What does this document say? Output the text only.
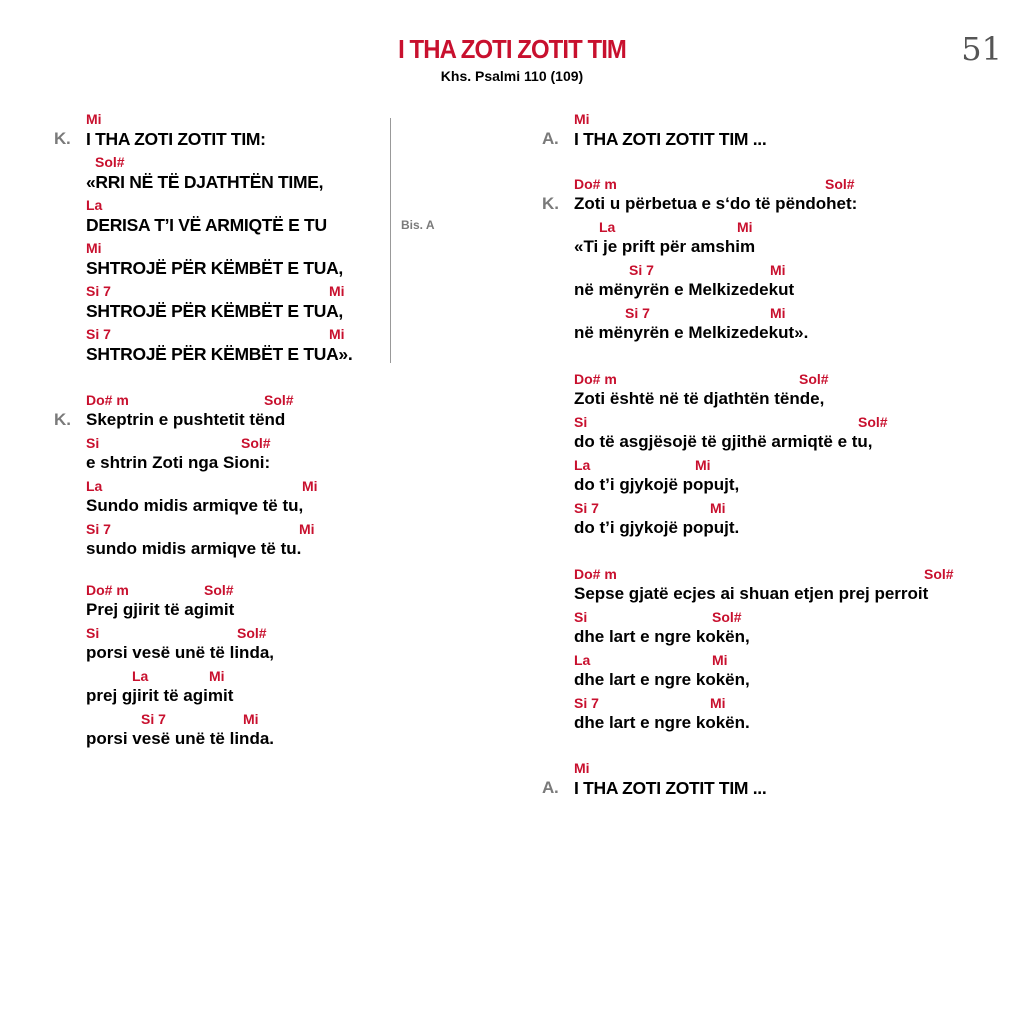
I THA ZOTI ZOTIT TIM
Khs. Psalmi 110 (109)
51
Bis. A
Mi
K. I THA ZOTI ZOTIT TIM:
Sol#
«RRI NË TË DJATHTËN TIME,
La
DERISA T’I VË ARMIQTË E TU
Mi
SHTROJË PËR KËMBËT E TUA,
Si 7	Mi
SHTROJË PËR KËMBËT E TUA,
Si 7	Mi
SHTROJË PËR KËMBËT E TUA».
Do# m	Sol#
K. Skeptrin e pushtetit tënd
Si	Sol#
e shtrin Zoti nga Sioni:
La	Mi
Sundo midis armiqve të tu,
Si 7	Mi
sundo midis armiqve të tu.
Do# m	Sol#
Prej gjirit të agimit
Si	Sol#
porsi vesë unë të linda,
La	Mi
prej gjirit të agimit
Si 7	Mi
porsi vesë unë të linda.
Mi
A. I THA ZOTI ZOTIT TIM ...
Do# m	Sol#
K. Zoti u përbetua e s‘do të pëndohet:
La	Mi
«Ti je prift për amshim
Si 7	Mi
në mënyrën e Melkizedekut
Si 7	Mi
në mënyrën e Melkizedekut».
Do# m	Sol#
Zoti është në të djathtën tënde,
Si	Sol#
do të asgjësojë të gjithë armiqtë e tu,
La	Mi
do t’i gjykojë popujt,
Si 7	Mi
do t’i gjykojë popujt.
Do# m	Sol#
Sepse gjatë ecjes ai shuan etjen prej perroit
Si	Sol#
dhe lart e ngre kokën,
La	Mi
dhe lart e ngre kokën,
Si 7	Mi
dhe lart e ngre kokën.
Mi
A. I THA ZOTI ZOTIT TIM ...
